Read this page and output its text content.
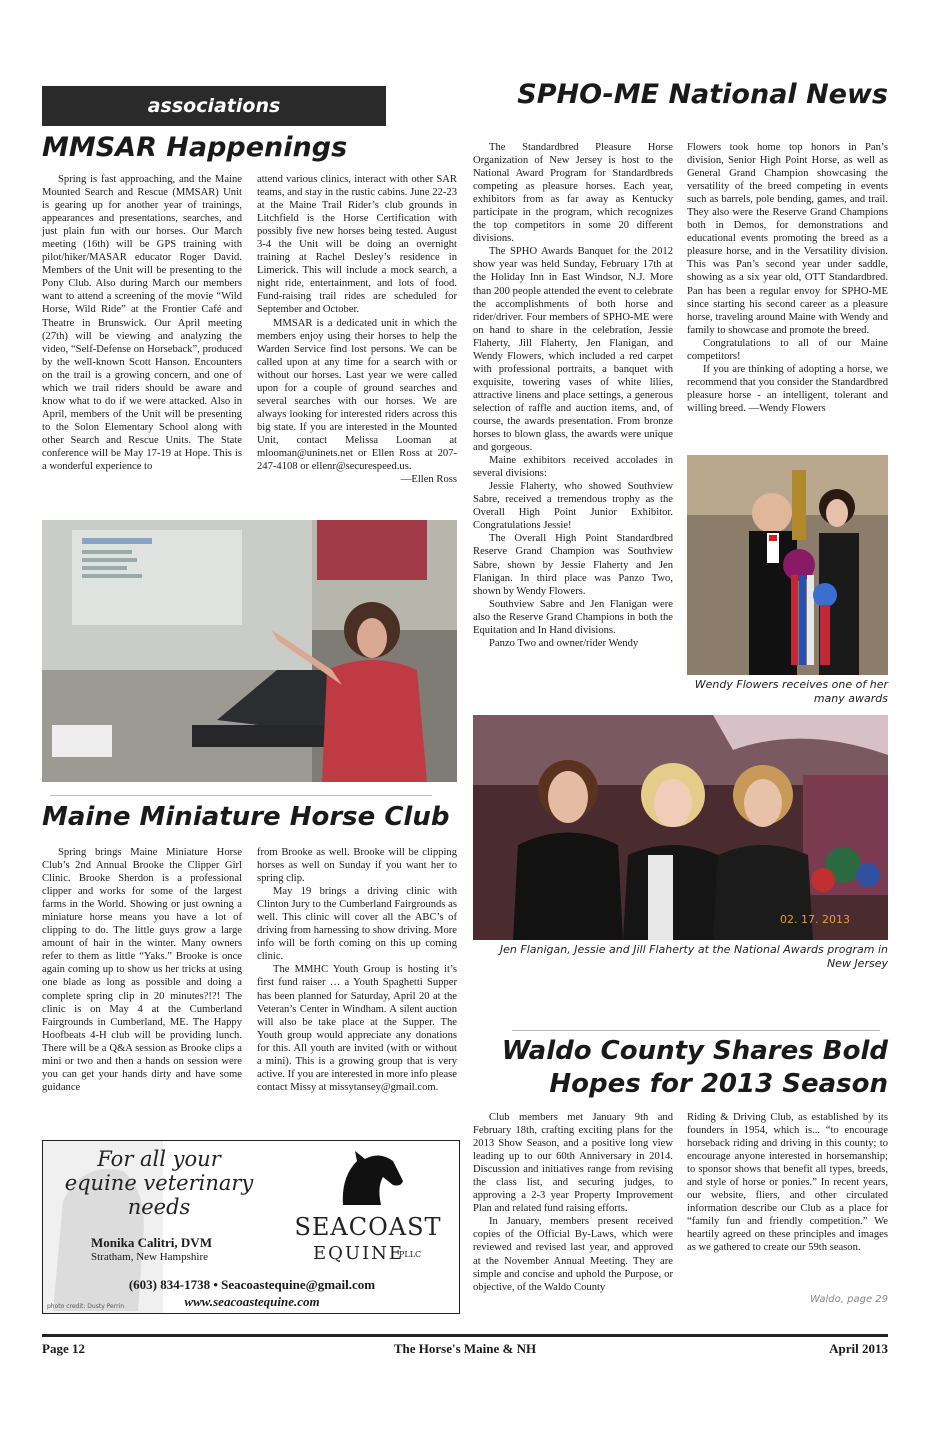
associations	SPHO-ME National News
MMSAR Happenings

Spring is fast approaching, and the Maine Mounted Search and Rescue (MMSAR) Unit is gearing up for another year of trainings, appearances and presentations, searches, and just plain fun with our horses. Our March meeting (16th) will be GPS training with pilot/hiker/MASAR educator Roger David. Members of the Unit will be presenting to the Pony Club. Also during March our members want to attend a screening of the movie “Wild Horse, Wild Ride” at the Frontier Café and Theatre in Brunswick. Our April meeting (27th) will be viewing and analyzing the video, “Self-Defense on Horseback”, produced by the well-known Scott Hanson. Encounters on the trail is a growing concern, and one of which we trail riders should be aware and know what to do if we were attacked. Also in April, members of the Unit will be presenting to the Solon Elementary School along with other Search and Rescue Units. The State conference will be May 17-19 at Hope. This is a wonderful experience to

attend various clinics, interact with other SAR teams, and stay in the rustic cabins. June 22-23 at the Maine Trail Rider’s club grounds in Litchfield is the Horse Certification with possibly five new horses being tested. August 3-4 the Unit will be doing an overnight training at Rachel Desley’s residence in Limerick. This will include a mock search, a night ride, entertainment, and lots of food. Fund-raising trail rides are scheduled for September and October.

MMSAR is a dedicated unit in which the members enjoy using their horses to help the Warden Service find lost persons. We can be called upon at any time for a search with or without our horses. Last year we were called upon for a couple of ground searches and several searches with our horses. We are always looking for interested riders across this big state. If you are interested in the Mounted Unit, contact Melissa Looman at mlooman@uninets.net or Ellen Ross at 207-247-4108 or ellenr@securespeed.us.

—Ellen Ross

The Standardbred Pleasure Horse Organization of New Jersey is host to the National Award Program for Standardbreds competing as pleasure horses. Each year, exhibitors from as far away as Kentucky participate in the program, which recognizes the top competitors in some 20 different divisions.

The SPHO Awards Banquet for the 2012 show year was held Sunday, February 17th at the Holiday Inn in East Windsor, N.J. More than 200 people attended the event to celebrate the accomplishments of both horse and rider/driver. Four members of SPHO-ME were on hand to share in the celebration, Jessie Flaherty, Jill Flaherty, Jen Flanigan, and Wendy Flowers, which included a red carpet with professional portraits, a banquet with exquisite, towering vases of white lilies, attractive linens and place settings, a generous selection of raffle and auction items, and, of course, the awards presentation. From bronze horses to blown glass, the awards were unique and gorgeous.

Maine exhibitors received accolades in several divisions:

Jessie Flaherty, who showed Southview Sabre, received a tremendous trophy as the Overall High Point Junior Exhibitor. Congratulations Jessie!

The Overall High Point Standardbred Reserve Grand Champion was Southview Sabre, shown by Jessie Flaherty and Jen Flanigan. In third place was Panzo Two, shown by Wendy Flowers.

Southview Sabre and Jen Flanigan were also the Reserve Grand Champions in both the Equitation and In Hand divisions.

Panzo Two and owner/rider Wendy

Flowers took home top honors in Pan’s division, Senior High Point Horse, as well as General Grand Champion showcasing the versatility of the breed competing in events such as barrels, pole bending, games, and trail. They also were the Reserve Grand Champions both in Demos, for demonstrations and educational events promoting the breed as a pleasure horse, and in the Versatility division. This was Pan’s second year under saddle, showing as a six year old, OTT Standardbred. Pan has been a regular envoy for SPHO-ME since starting his second career as a pleasure horse, traveling around Maine with Wendy and family to showcase and promote the breed.

Congratulations to all of our Maine competitors!

If you are thinking of adopting a horse, we recommend that you consider the Standardbred pleasure horse - an intelligent, tolerant and willing breed. —Wendy Flowers

Wendy Flowers receives one of her many awards
02. 17. 2013
Jen Flanigan, Jessie and Jill Flaherty at the National Awards program in New Jersey
Maine Miniature Horse Club

Spring brings Maine Miniature Horse Club’s 2nd Annual Brooke the Clipper Girl Clinic. Brooke Sherdon is a professional clipper and works for some of the largest farms in the World. Showing or just owning a miniature horse means you have a lot of clipping to do. The little guys grow a large amount of hair in the winter. Many owners refer to them as little “Yaks.” Brooke is once again coming up to show us her tricks at using one blade as long as possible and doing a complete spring clip in 20 minutes?!?! The clinic is on May 4 at the Cumberland Fairgrounds in Cumberland, ME. The Happy Hoofbeats 4-H club will be providing lunch. There will be a Q&A session as Brooke clips a mini or two and then a hands on session were you can get your hands dirty and have some guidance

from Brooke as well. Brooke will be clipping horses as well on Sunday if you want her to spring clip.

May 19 brings a driving clinic with Clinton Jury to the Cumberland Fairgrounds as well. This clinic will cover all the ABC’s of driving from harnessing to show driving. More info will be forth coming on this up coming clinic.

The MMHC Youth Group is hosting it’s first fund raiser … a Youth Spaghetti Supper has been planned for Saturday, April 20 at the Veteran’s Center in Windham. A silent auction will also be take place at the Supper. The Youth group would appreciate any donations for this. All youth are invited (with or without a mini). This is a growing group that is very active. If you are interested in more info please contact Missy at missytansey@gmail.com.

Waldo County Shares Bold
Hopes for 2013 Season

Club members met January 9th and February 18th, crafting exciting plans for the 2013 Show Season, and a positive long view leading up to our 60th Anniversary in 2014. Discussion and initiatives range from revising the class list, and securing judges, to approving a 2-3 year Property Improvement Plan and related fund raising efforts.

In January, members present received copies of the Official By-Laws, which were reviewed and revised last year, and approved at the November Annual Meeting. They are simple and concise and uphold the Purpose, or objective, of the Waldo County

Riding & Driving Club, as established by its founders in 1954, which is... “to encourage horseback riding and driving in this county; to encourage anyone interested in horsemanship; to sponsor shows that benefit all types, breeds, and style of horse or ponies.” In recent years, our website, fliers, and other circulated information describe our Club as a place for “family fun and friendly competition.” We heartily agreed on these principles and images as we gathered to create our 59th season.

Waldo, page 29
For all your
equine veterinary
needs
Monika Calitri, DVM
Stratham, New Hampshire
SEACOAST
EQUINE
PLLC
(603) 834-1738 • Seacoastequine@gmail.com
www.seacoastequine.com
photo credit: Dusty Perrin
Page 12	The Horse's Maine & NH	April 2013
